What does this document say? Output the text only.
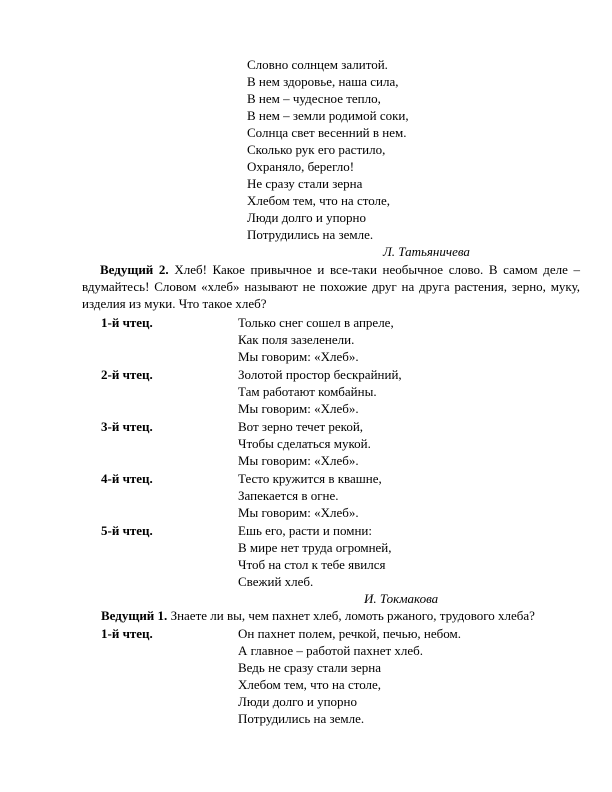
Словно солнцем залитой.
В нем здоровье, наша сила,
В нем – чудесное тепло,
В нем – земли родимой соки,
Солнца свет весенний в нем.
Сколько рук его растило,
Охраняло, берегло!
Не сразу стали зерна
Хлебом тем, что на столе,
Люди долго и упорно
Потрудились на земле.
Л. Татьяничева
Ведущий 2. Хлеб! Какое привычное и все-таки необычное слово. В самом деле – вдумайтесь! Словом «хлеб» называют не похожие друг на друга растения, зерно, муку, изделия из муки. Что такое хлеб?
1-й чтец.	Только снег сошел в апреле,
Как поля зазеленели.
Мы говорим: «Хлеб».
2-й чтец.	Золотой простор бескрайний,
Там работают комбайны.
Мы говорим: «Хлеб».
3-й чтец.	Вот зерно течет рекой,
Чтобы сделаться мукой.
Мы говорим: «Хлеб».
4-й чтец.	Тесто кружится в квашне,
Запекается в огне.
Мы говорим: «Хлеб».
5-й чтец.	Ешь его, расти и помни:
В мире нет труда огромней,
Чтоб на стол к тебе явился
Свежий хлеб.
И. Токмакова
Ведущий 1. Знаете ли вы, чем пахнет хлеб, ломоть ржаного, трудового хлеба?
1-й чтец.	Он пахнет полем, речкой, печью, небом.
А главное – работой пахнет хлеб.
Ведь не сразу стали зерна
Хлебом тем, что на столе,
Люди долго и упорно
Потрудились на земле.
